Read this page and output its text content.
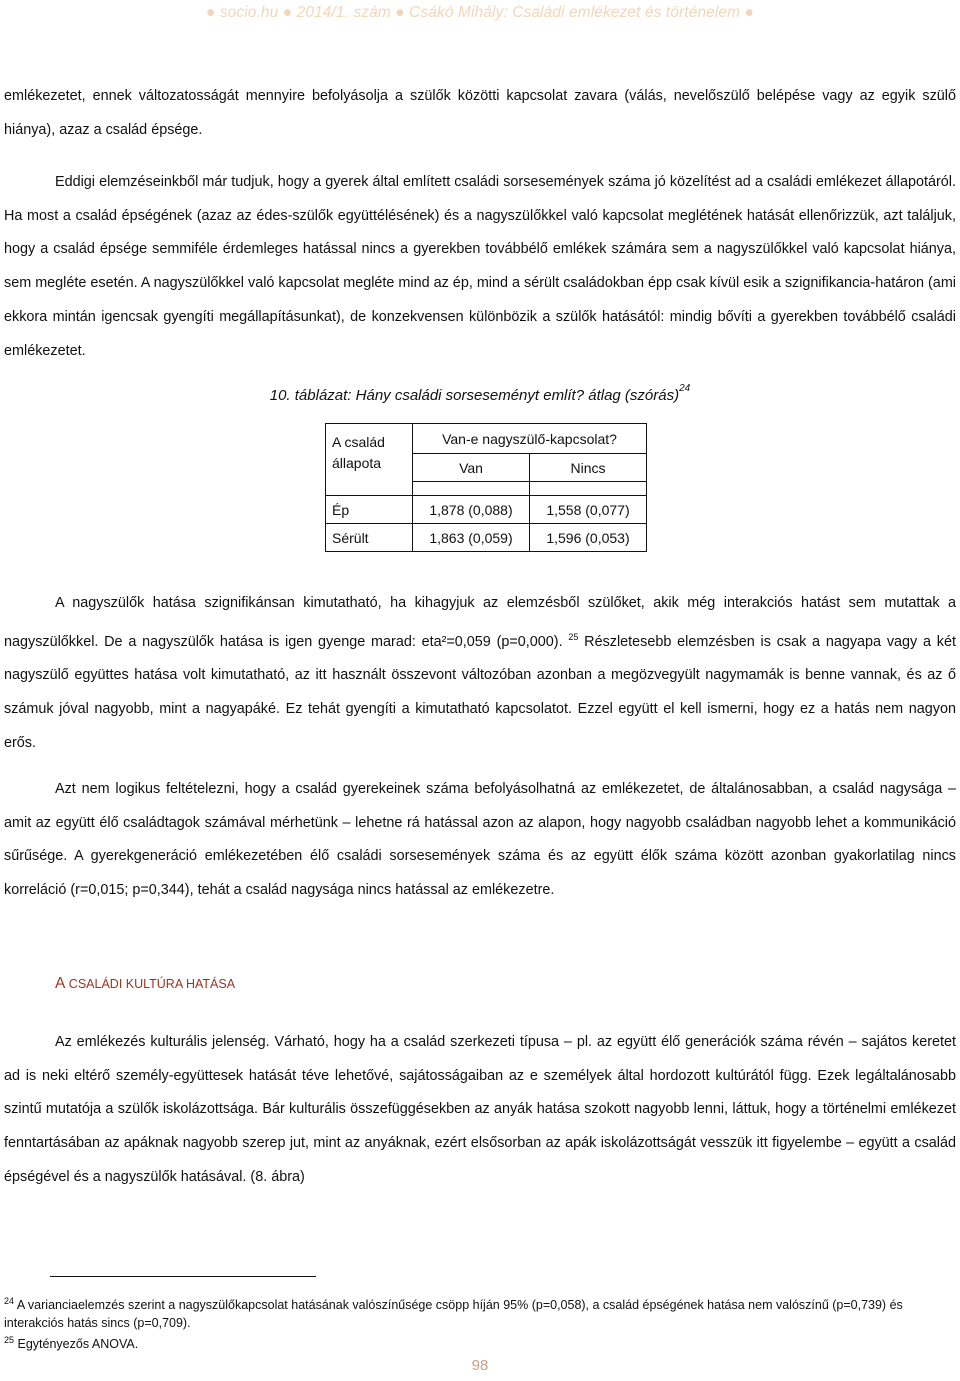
● socio.hu ● 2014/1. szám ● Csákó Mihály: Családi emlékezet és történelem ●

emlékezetet, ennek változatosságát mennyire befolyásolja a szülők közötti kapcsolat zavara (válás, nevelőszülő belépése vagy az egyik szülő hiánya), azaz a család épsége.

Eddigi elemzéseinkből már tudjuk, hogy a gyerek által említett családi sorsesemények száma jó közelítést ad a családi emlékezet állapotáról. Ha most a család épségének (azaz az édes-szülők együttélésének) és a nagyszülőkkel való kapcsolat meglétének hatását ellenőrizzük, azt találjuk, hogy a család épsége semmiféle érdemleges hatással nincs a gyerekben továbbélő emlékek számára sem a nagyszülőkkel való kapcsolat hiánya, sem megléte esetén. A nagyszülőkkel való kapcsolat megléte mind az ép, mind a sérült családokban épp csak kívül esik a szignifikancia-határon (ami ekkora mintán igencsak gyengíti megállapításunkat), de konzekvensen különbözik a szülők hatásától: mindig bővíti a gyerekben továbbélő családi emlékezetet.

10. táblázat: Hány családi sorseseményt említ? átlag (szórás)$^{24}$
A család állapota	Van-e nagyszülő-kapcsolat?	
	Van	Nincs

Ép	1,878 (0,088)	1,558 (0,077)
Sérült	1,863 (0,059)	1,596 (0,053)

A nagyszülők hatása szignifikánsan kimutatható, ha kihagyjuk az elemzésből szülőket, akik még interakciós hatást sem mutattak a nagyszülőkkel. De a nagyszülők hatása is igen gyenge marad: eta²=0,059 (p=0,000). $^{25}$ Részletesebb elemzésben is csak a nagyapa vagy a két nagyszülő együttes hatása volt kimutatható, az itt használt összevont változóban azonban a megözvegyült nagymamák is benne vannak, és az ő számuk jóval nagyobb, mint a nagyapáké. Ez tehát gyengíti a kimutatható kapcsolatot. Ezzel együtt el kell ismerni, hogy ez a hatás nem nagyon erős.

Azt nem logikus feltételezni, hogy a család gyerekeinek száma befolyásolhatná az emlékezetet, de általánosabban, a család nagysága – amit az együtt élő családtagok számával mérhetünk – lehetne rá hatással azon az alapon, hogy nagyobb családban nagyobb lehet a kommunikáció sűrűsége. A gyerekgeneráció emlékezetében élő családi sorsesemények száma és az együtt élők száma között azonban gyakorlatilag nincs korreláció (r=0,015; p=0,344), tehát a család nagysága nincs hatással az emlékezetre.

A CSALÁDI KULTÚRA HATÁSA

Az emlékezés kulturális jelenség. Várható, hogy ha a család szerkezeti típusa – pl. az együtt élő generációk száma révén – sajátos keretet ad is neki eltérő személy-együttesek hatását téve lehetővé, sajátosságaiban az e személyek által hordozott kultúrától függ. Ezek legáltalánosabb szintű mutatója a szülők iskolázottsága. Bár kulturális összefüggésekben az anyák hatása szokott nagyobb lenni, láttuk, hogy a történelmi emlékezet fenntartásában az apáknak nagyobb szerep jut, mint az anyáknak, ezért elsősorban az apák iskolázottságát vesszük itt figyelembe – együtt a család épségével és a nagyszülők hatásával. (8. ábra)

$^{24}$ A varianciaelemzés szerint a nagyszülőkapcsolat hatásának valószínűsége csöpp híján 95% (p=0,058), a család épségének hatása nem valószínű (p=0,739) és interakciós hatás sincs (p=0,709).
$^{25}$ Egytényezős ANOVA.
98
